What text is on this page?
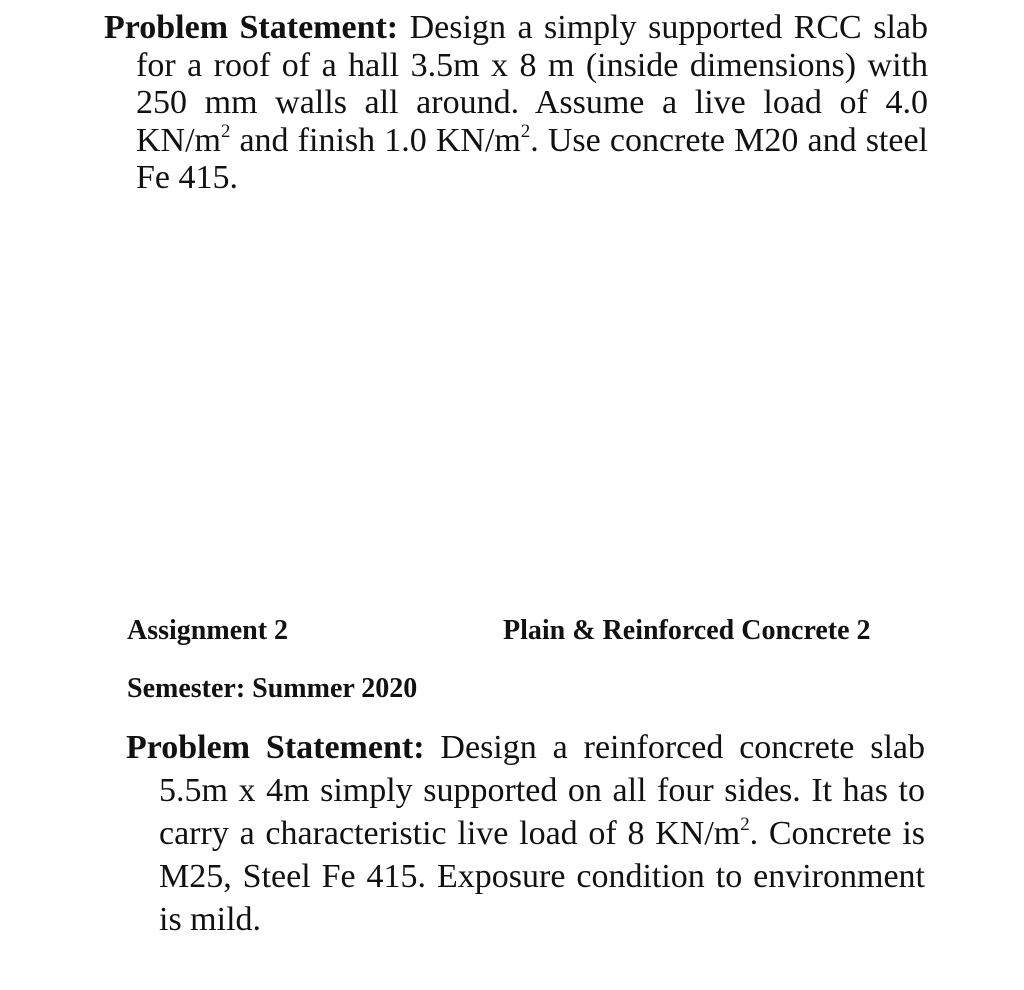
Problem Statement: Design a simply supported RCC slab for a roof of a hall 3.5m x 8 m (inside dimensions) with 250 mm walls all around. Assume a live load of 4.0 $KN/m^2$ and finish 1.0 $KN/m^2$. Use concrete M20 and steel Fe 415.
Assignment 2	Plain & Reinforced Concrete 2
Semester: Summer 2020
Problem Statement: Design a reinforced concrete slab 5.5m x 4m simply supported on all four sides. It has to carry a characteristic live load of 8 $KN/m^2$. Concrete is M25, Steel Fe 415. Exposure condition to environment is mild.
